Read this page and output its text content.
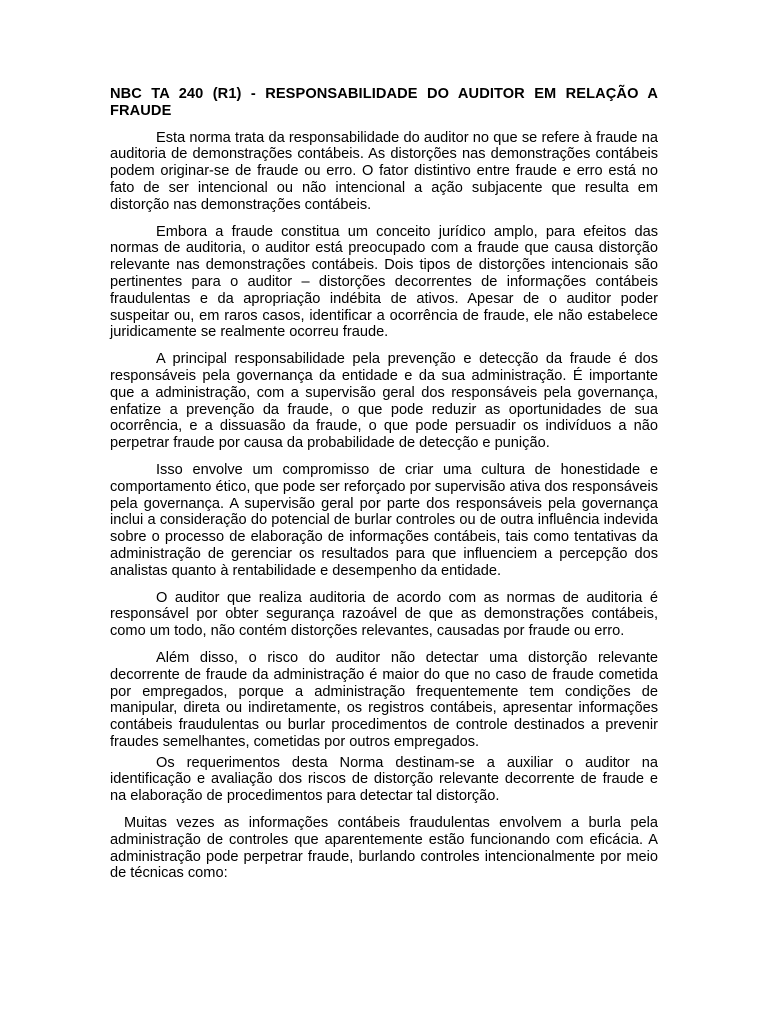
NBC TA 240 (R1) - RESPONSABILIDADE DO AUDITOR EM RELAÇÃO A FRAUDE

Esta norma trata da responsabilidade do auditor no que se refere à fraude na auditoria de demonstrações contábeis. As distorções nas demonstrações contábeis podem originar-se de fraude ou erro. O fator distintivo entre fraude e erro está no fato de ser intencional ou não intencional a ação subjacente que resulta em distorção nas demonstrações contábeis.

Embora a fraude constitua um conceito jurídico amplo, para efeitos das normas de auditoria, o auditor está preocupado com a fraude que causa distorção relevante nas demonstrações contábeis. Dois tipos de distorções intencionais são pertinentes para o auditor – distorções decorrentes de informações contábeis fraudulentas e da apropriação indébita de ativos. Apesar de o auditor poder suspeitar ou, em raros casos, identificar a ocorrência de fraude, ele não estabelece juridicamente se realmente ocorreu fraude.

A principal responsabilidade pela prevenção e detecção da fraude é dos responsáveis pela governança da entidade e da sua administração. É importante que a administração, com a supervisão geral dos responsáveis pela governança, enfatize a prevenção da fraude, o que pode reduzir as oportunidades de sua ocorrência, e a dissuasão da fraude, o que pode persuadir os indivíduos a não perpetrar fraude por causa da probabilidade de detecção e punição.

Isso envolve um compromisso de criar uma cultura de honestidade e comportamento ético, que pode ser reforçado por supervisão ativa dos responsáveis pela governança. A supervisão geral por parte dos responsáveis pela governança inclui a consideração do potencial de burlar controles ou de outra influência indevida sobre o processo de elaboração de informações contábeis, tais como tentativas da administração de gerenciar os resultados para que influenciem a percepção dos analistas quanto à rentabilidade e desempenho da entidade.

O auditor que realiza auditoria de acordo com as normas de auditoria é responsável por obter segurança razoável de que as demonstrações contábeis, como um todo, não contém distorções relevantes, causadas por fraude ou erro.

Além disso, o risco do auditor não detectar uma distorção relevante decorrente de fraude da administração é maior do que no caso de fraude cometida por empregados, porque a administração frequentemente tem condições de manipular, direta ou indiretamente, os registros contábeis, apresentar informações contábeis fraudulentas ou burlar procedimentos de controle destinados a prevenir fraudes semelhantes, cometidas por outros empregados.

Os requerimentos desta Norma destinam-se a auxiliar o auditor na identificação e avaliação dos riscos de distorção relevante decorrente de fraude e na elaboração de procedimentos para detectar tal distorção.

Muitas vezes as informações contábeis fraudulentas envolvem a burla pela administração de controles que aparentemente estão funcionando com eficácia. A administração pode perpetrar fraude, burlando controles intencionalmente por meio de técnicas como:
